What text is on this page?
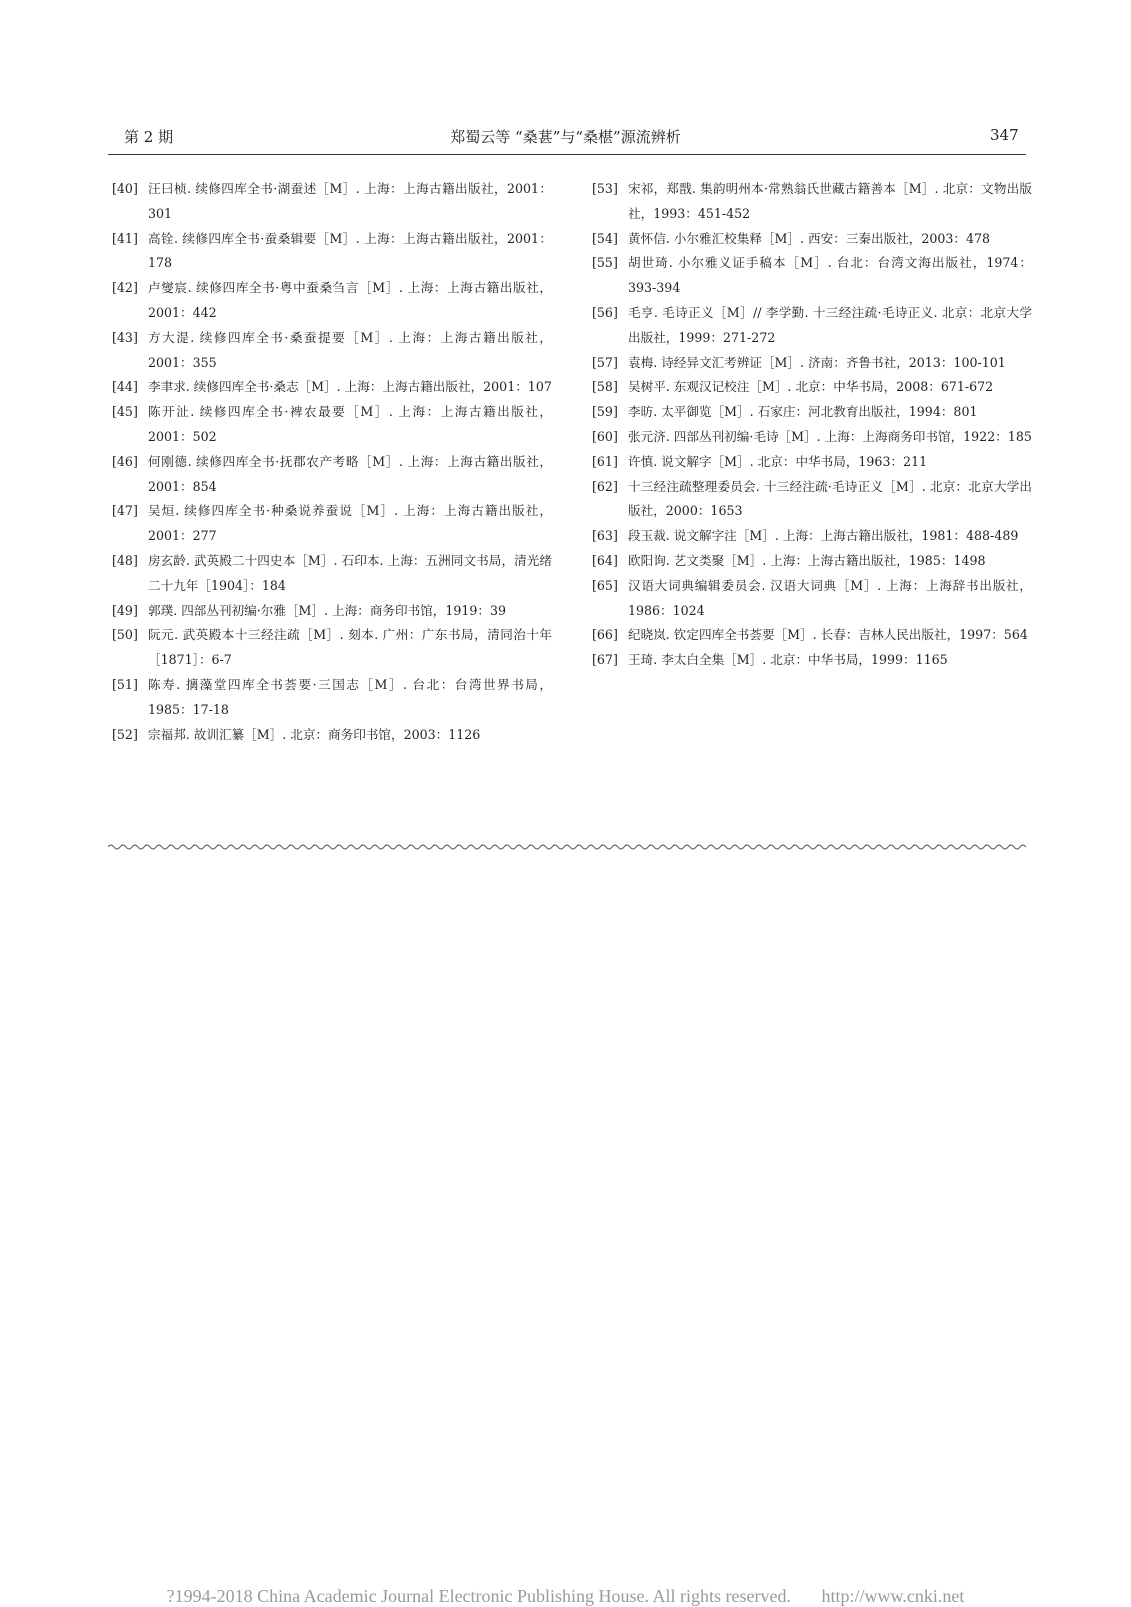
第 2 期	郑蜀云等 “桑葚”与“桑椹”源流辨析	347
[40] 汪曰桢. 续修四库全书·湖蚕述［M］. 上海：上海古籍出版社，2001：301
[41] 高铨. 续修四库全书·蚕桑辑要［M］. 上海：上海古籍出版社，2001：178
[42] 卢燮宸. 续修四库全书·粤中蚕桑刍言［M］. 上海：上海古籍出版社，2001：442
[43] 方大湜. 续修四库全书·桑蚕提要［M］. 上海：上海古籍出版社，2001：355
[44] 李聿求. 续修四库全书·桑志［M］. 上海：上海古籍出版社，2001：107
[45] 陈开沚. 续修四库全书·裨农最要［M］. 上海：上海古籍出版社，2001：502
[46] 何刚德. 续修四库全书·抚郡农产考略［M］. 上海：上海古籍出版社，2001：854
[47] 吴烜. 续修四库全书·种桑说养蚕说［M］. 上海：上海古籍出版社，2001：277
[48] 房玄龄. 武英殿二十四史本［M］. 石印本. 上海：五洲同文书局，清光绪二十九年［1904］：184
[49] 郭璞. 四部丛刊初编·尔雅［M］. 上海：商务印书馆，1919：39
[50] 阮元. 武英殿本十三经注疏［M］. 刻本. 广州：广东书局，清同治十年［1871］：6-7
[51] 陈寿. 摛藻堂四库全书荟要·三国志［M］. 台北：台湾世界书局，1985：17-18
[52] 宗福邦. 故训汇纂［M］. 北京：商务印书馆，2003：1126
[53] 宋祁，郑戬. 集韵明州本·常熟翁氏世藏古籍善本［M］. 北京：文物出版社，1993：451-452
[54] 黄怀信. 小尔雅汇校集释［M］. 西安：三秦出版社，2003：478
[55] 胡世琦. 小尔雅义证手稿本［M］. 台北：台湾文海出版社，1974：393-394
[56] 毛亨. 毛诗正义［M］// 李学勤. 十三经注疏·毛诗正义. 北京：北京大学出版社，1999：271-272
[57] 袁梅. 诗经异文汇考辨证［M］. 济南：齐鲁书社，2013：100-101
[58] 吴树平. 东观汉记校注［M］. 北京：中华书局，2008：671-672
[59] 李昉. 太平御览［M］. 石家庄：河北教育出版社，1994：801
[60] 张元济. 四部丛刊初编·毛诗［M］. 上海：上海商务印书馆，1922：185
[61] 许慎. 说文解字［M］. 北京：中华书局，1963：211
[62] 十三经注疏整理委员会. 十三经注疏·毛诗正义［M］. 北京：北京大学出版社，2000：1653
[63] 段玉裁. 说文解字注［M］. 上海：上海古籍出版社，1981：488-489
[64] 欧阳询. 艺文类聚［M］. 上海：上海古籍出版社，1985：1498
[65] 汉语大词典编辑委员会. 汉语大词典［M］. 上海：上海辞书出版社，1986：1024
[66] 纪晓岚. 钦定四库全书荟要［M］. 长春：吉林人民出版社，1997：564
[67] 王琦. 李太白全集［M］. 北京：中华书局，1999：1165
?1994-2018 China Academic Journal Electronic Publishing House. All rights reserved. http://www.cnki.net
